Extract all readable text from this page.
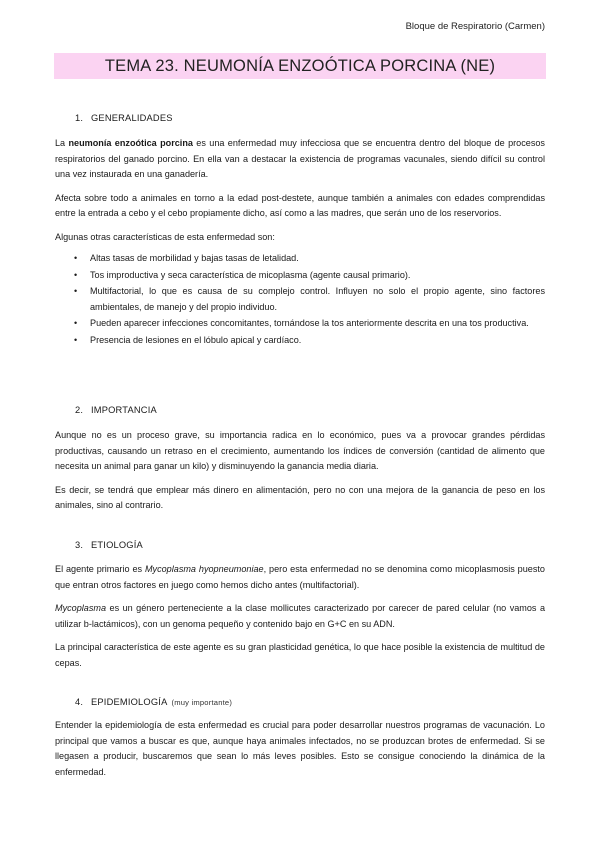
Bloque de Respiratorio (Carmen)
TEMA 23. NEUMONÍA ENZOÓTICA PORCINA (NE)
1. GENERALIDADES

La neumonía enzoótica porcina es una enfermedad muy infecciosa que se encuentra dentro del bloque de procesos respiratorios del ganado porcino. En ella van a destacar la existencia de programas vacunales, siendo difícil su control una vez instaurada en una ganadería.

Afecta sobre todo a animales en torno a la edad post-destete, aunque también a animales con edades comprendidas entre la entrada a cebo y el cebo propiamente dicho, así como a las madres, que serán uno de los reservorios.

Algunas otras características de esta enfermedad son:

• Altas tasas de morbilidad y bajas tasas de letalidad.
• Tos improductiva y seca característica de micoplasma (agente causal primario).
• Multifactorial, lo que es causa de su complejo control. Influyen no solo el propio agente, sino factores ambientales, de manejo y del propio individuo.
• Pueden aparecer infecciones concomitantes, tornándose la tos anteriormente descrita en una tos productiva.
• Presencia de lesiones en el lóbulo apical y cardíaco.
2. IMPORTANCIA

Aunque no es un proceso grave, su importancia radica en lo económico, pues va a provocar grandes pérdidas productivas, causando un retraso en el crecimiento, aumentando los índices de conversión (cantidad de alimento que necesita un animal para ganar un kilo) y disminuyendo la ganancia media diaria.

Es decir, se tendrá que emplear más dinero en alimentación, pero no con una mejora de la ganancia de peso en los animales, sino al contrario.

3. ETIOLOGÍA

El agente primario es Mycoplasma hyopneumoniae, pero esta enfermedad no se denomina como micoplasmosis puesto que entran otros factores en juego como hemos dicho antes (multifactorial).

Mycoplasma es un género perteneciente a la clase mollicutes caracterizado por carecer de pared celular (no vamos a utilizar b-lactámicos), con un genoma pequeño y contenido bajo en G+C en su ADN.

La principal característica de este agente es su gran plasticidad genética, lo que hace posible la existencia de multitud de cepas.

4. EPIDEMIOLOGÍA (muy importante)

Entender la epidemiología de esta enfermedad es crucial para poder desarrollar nuestros programas de vacunación. Lo principal que vamos a buscar es que, aunque haya animales infectados, no se produzcan brotes de enfermedad. Si se llegasen a producir, buscaremos que sean lo más leves posibles. Esto se consigue conociendo la dinámica de la enfermedad.
